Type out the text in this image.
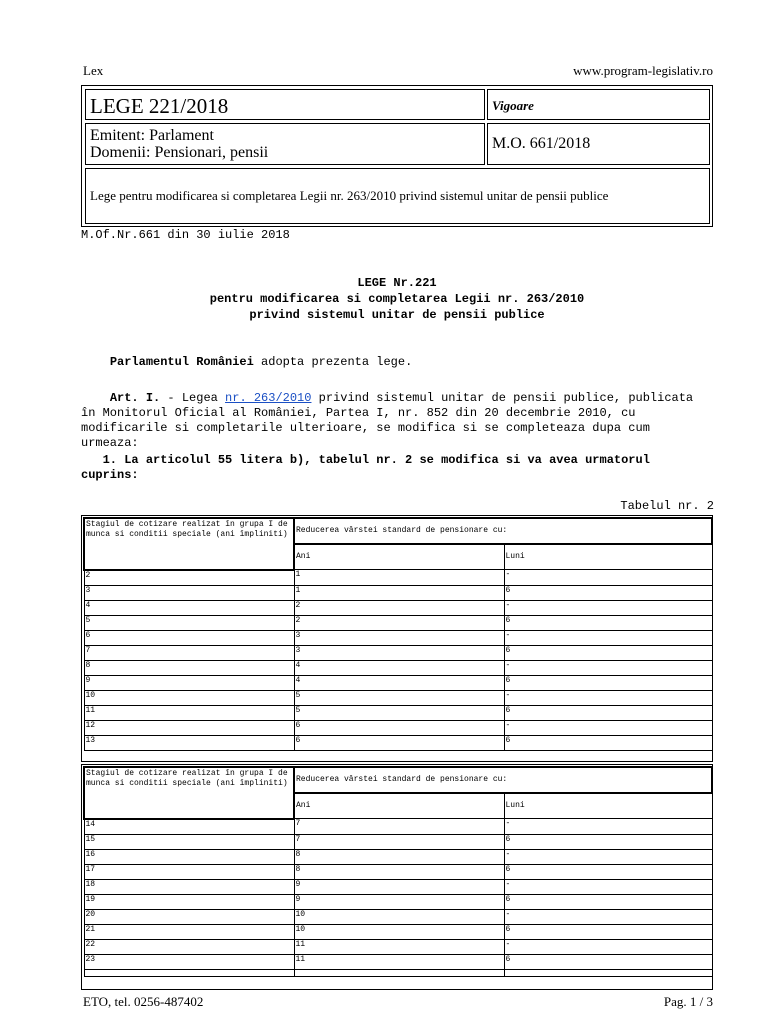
Lex	www.program-legislativ.ro
LEGE 221/2018	Vigoare
Emitent: Parlament
Domenii: Pensionari, pensii
M.O. 661/2018
Lege pentru modificarea si completarea Legii nr. 263/2010 privind sistemul unitar de pensii publice
M.Of.Nr.661 din 30 iulie 2018
LEGE Nr.221
pentru modificarea si completarea Legii nr. 263/2010
privind sistemul unitar de pensii publice
Parlamentul României adopta prezenta lege.
Art. I. - Legea nr. 263/2010 privind sistemul unitar de pensii publice, publicata
în Monitorul Oficial al României, Partea I, nr. 852 din 20 decembrie 2010, cu
modificarile si completarile ulterioare, se modifica si se completeaza dupa cum
urmeaza:
1. La articolul 55 litera b), tabelul nr. 2 se modifica si va avea urmatorul
cuprins:
Tabelul nr. 2
Stagiul de cotizare realizat în grupa I de munca si conditii speciale (ani împliniti)	Reducerea vârstei standard de pensionare cu:	
	Ani	Luni
2	1	-
3	1	6
4	2	-
5	2	6
6	3	-
7	3	6
8	4	-
9	4	6
10	5	-
11	5	6
12	6	-
13	6	6
Stagiul de cotizare realizat în grupa I de munca si conditii speciale (ani împliniti)	Reducerea vârstei standard de pensionare cu:	
	Ani	Luni
14	7	-
15	7	6
16	8	-
17	8	6
18	9	-
19	9	6
20	10	-
21	10	6
22	11	-
23	11	6

ETO, tel. 0256-487402	Pag. 1 / 3
